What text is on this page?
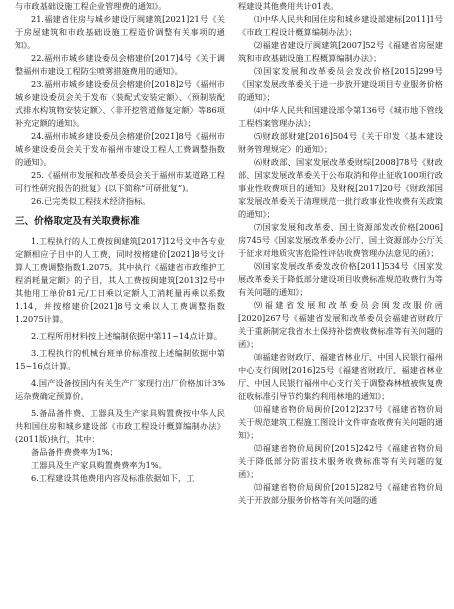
与市政基础设施工程企业管理费的通知》。

21.福建省住房与城乡建设厅闽建筑[2021]21号《关于房屋建筑和市政基础设施工程造价调整有关事项的通知》。

22.福州市城乡建设委员会榕建价[2017]4号《关于调整福州市建设工程防尘喷雾措施费用的通知》。

23.福州市城乡建设委员会榕建价[2018]2号《福州市城乡建设委员会关于发布〈装配式安装定额〉、〈预制装配式排水构筑物安装定额〉、〈非开挖管道修复定额〉等86项补充定额的通知》。

24.福州市城乡建设委员会榕建价[2021]8号《福州市城乡建设委员会关于发布福州市建设工程人工费调整指数的通知》。

25.《福州市发展和改革委员会关于福州市某道路工程可行性研究报告的批复》(以下简称“可研批复”)。

26.已完类似工程技术经济指标。

三、价格取定及有关取费标准

1.工程执行的人工费按闽建筑[2017]12号文中各专业定额相应子目中的人工费，同时按榕建价[2021]8号文计算人工费调整指数1.2075。其中执行《福建省市政维护工程消耗量定额》的子目，其人工费按闽建筑[2013]2号中其他用工单价81元/工日乘以定额人工消耗量再乘以系数1.14，并按榕建价[2021]8号文乘以人工费调整指数1.2075计算。

2.工程所用材料按上述编制依据中第11~14点计算。

3.工程执行的机械台班单价标准按上述编制依据中第15~16点计算。

4.国产设备按国内有关生产厂家现行出厂价格加计3%运杂费确定预算价。

5.备品备件费、工器具及生产家具购置费按中华人民共和国住房和城乡建设部《市政工程设计概算编制办法》(2011版)执行，其中：

备品备件费费率为1%；

工器具及生产家具购置费费率为1%。

6.工程建设其他费用内容及标准依据如下，工

程建设其他费用共计01表。

⑴中华人民共和国住房和城乡建设部建标[2011]1号《市政工程设计概算编制办法》；

⑵福建省建设厅闽建筑[2007]52号《福建省房屋建筑和市政基础设施工程概算编制办法》；

⑶国家发展和改革委员会发改价格[2015]299号《国家发展改革委关于进一步放开建设项目专业服务价格的通知》；

⑷中华人民共和国建设部令第136号《城市地下管线工程档案管理办法》；

⑸财政部财建[2016]504号《关于印发〈基本建设财务管理规定〉的通知》；

⑹财政部、国家发展改革委财综[2008]78号《财政部、国家发展改革委关于公布取消和停止征收100项行政事业性收费项目的通知》及财税[2017]20号《财政部国家发展改革委关于清理规范一批行政事业性收费有关政策的通知》；

⑺国家发展和改革委、国土资源部发改价格[2006]房745号《国家发展改革委办公厅、国土资源部办公厅关于征求对地质灾害危险性评估收费管理办法意见的函》；

⑻国家发展改革委发改价格[2011]534号《国家发展改革委关于降低部分建设项目收费标准规范收费行为等有关问题的通知》；

⑼福建省发展和改革委员会闽发改服价函[2020]267号《福建省发展和改革委员会福建省财政厅关于重新制定我省水土保持补偿费收费标准等有关问题的函》；

⑽福建省财政厅、福建省林业厅、中国人民银行福州中心支行闽财[2016]25号《福建省财政厅、福建省林业厅、中国人民银行福州中心支行关于调整森林植被恢复费征收标准引导节约集约利用林地的通知》；

⑾福建省物价局闽价[2012]237号《福建省物价局关于规范建筑工程施工图设计文件审查收费有关问题的通知》；

⑿福建省物价局闽价[2015]242号《福建省物价局关于降低部分防雷技术服务收费标准等有关问题的复函》；

⒀福建省物价局闽价[2015]282号《福建省物价局关于开放部分服务价格等有关问题的通
